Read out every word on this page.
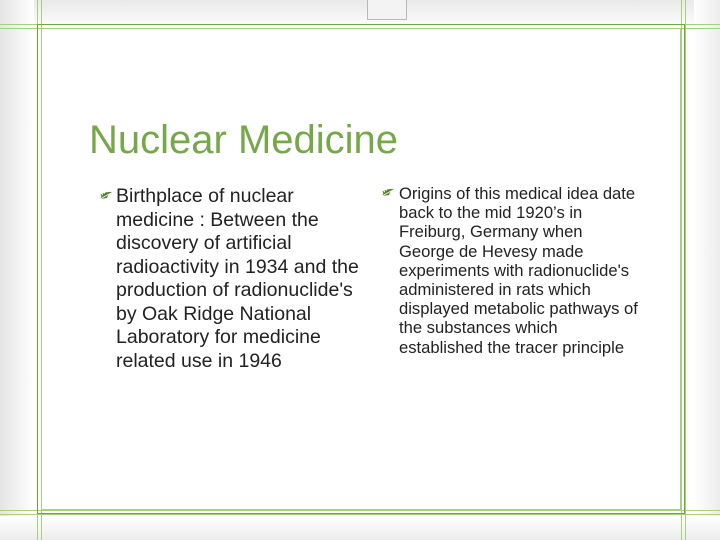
Nuclear Medicine

Birthplace of nuclear medicine : Between the discovery of artificial radioactivity in 1934 and the production of radionuclide's by Oak Ridge National Laboratory for medicine related use in 1946

Origins of this medical idea date back to the mid 1920’s in Freiburg, Germany when George de Hevesy made experiments with radionuclide's administered in rats which displayed metabolic pathways of the substances which established the tracer principle
